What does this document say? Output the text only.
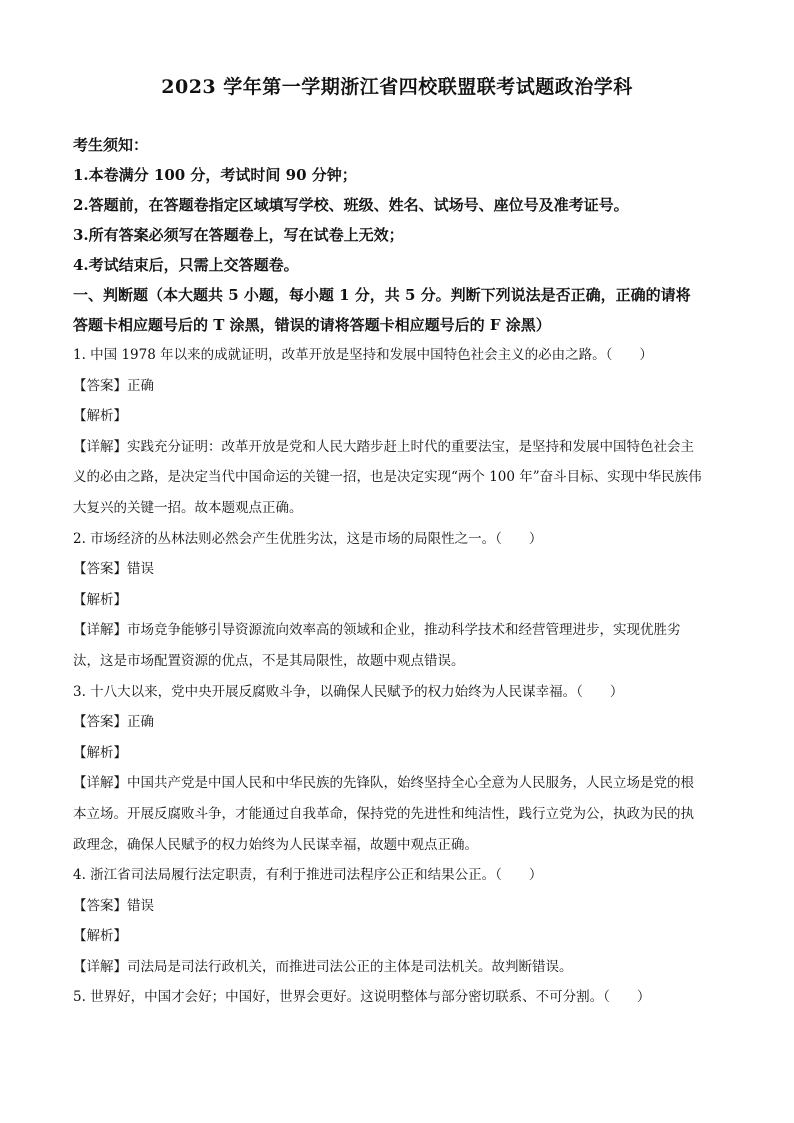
2023 学年第一学期浙江省四校联盟联考试题政治学科

考生须知：

1.本卷满分 100 分，考试时间 90 分钟；

2.答题前，在答题卷指定区域填写学校、班级、姓名、试场号、座位号及准考证号。

3.所有答案必须写在答题卷上，写在试卷上无效；

4.考试结束后，只需上交答题卷。

一、判断题（本大题共 5 小题，每小题 1 分，共 5 分。判断下列说法是否正确，正确的请将

答题卡相应题号后的 T 涂黑，错误的请将答题卡相应题号后的 F 涂黑）

1. 中国 1978 年以来的成就证明，改革开放是坚持和发展中国特色社会主义的必由之路。（　　）

【答案】正确

【解析】

【详解】实践充分证明：改革开放是党和人民大踏步赶上时代的重要法宝，是坚持和发展中国特色社会主

义的必由之路，是决定当代中国命运的关键一招，也是决定实现“两个 100 年”奋斗目标、实现中华民族伟

大复兴的关键一招。故本题观点正确。

2. 市场经济的丛林法则必然会产生优胜劣汰，这是市场的局限性之一。（　　）

【答案】错误

【解析】

【详解】市场竞争能够引导资源流向效率高的领域和企业，推动科学技术和经营管理进步，实现优胜劣

汰，这是市场配置资源的优点，不是其局限性，故题中观点错误。

3. 十八大以来，党中央开展反腐败斗争，以确保人民赋予的权力始终为人民谋幸福。（　　）

【答案】正确

【解析】

【详解】中国共产党是中国人民和中华民族的先锋队，始终坚持全心全意为人民服务，人民立场是党的根

本立场。开展反腐败斗争，才能通过自我革命，保持党的先进性和纯洁性，践行立党为公，执政为民的执

政理念，确保人民赋予的权力始终为人民谋幸福，故题中观点正确。

4. 浙江省司法局履行法定职责，有利于推进司法程序公正和结果公正。（　　）

【答案】错误

【解析】

【详解】司法局是司法行政机关，而推进司法公正的主体是司法机关。故判断错误。

5. 世界好，中国才会好；中国好，世界会更好。这说明整体与部分密切联系、不可分割。（　　）
